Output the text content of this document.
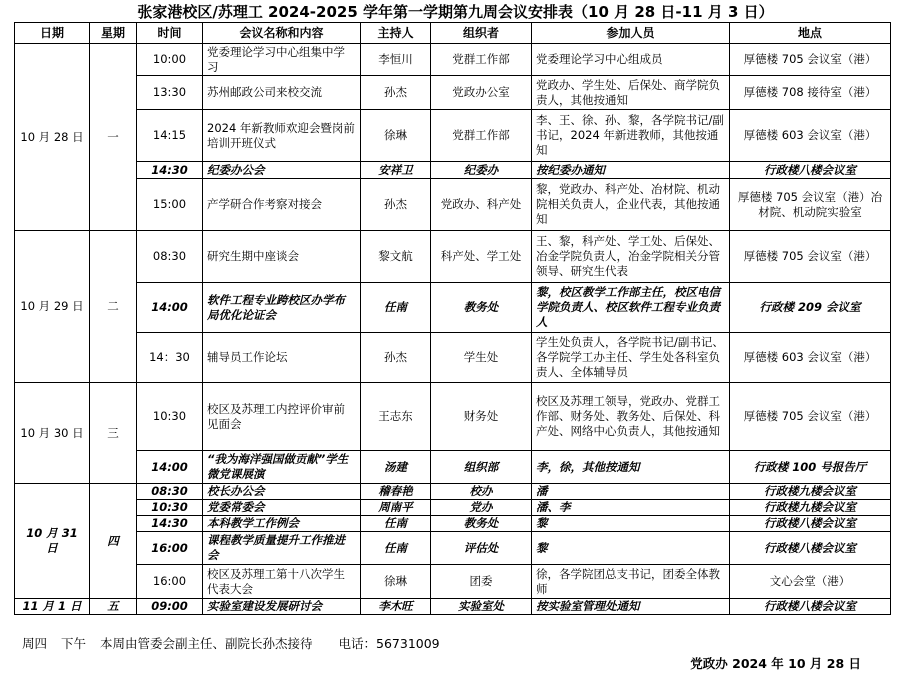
张家港校区/苏理工 2024-2025 学年第一学期第九周会议安排表（10 月 28 日-11 月 3 日）
日期	星期	时间	会议名称和内容	主持人	组织者	参加人员	地点
10 月 28 日	一	10:00	党委理论学习中心组集中学习	李恒川	党群工作部	党委理论学习中心组成员	厚德楼 705 会议室（港）
		13:30	苏州邮政公司来校交流	孙杰	党政办公室	党政办、学生处、后保处、商学院负责人，其他按通知	厚德楼 708 接待室（港）
		14:15	2024 年新教师欢迎会暨岗前培训开班仪式	徐琳	党群工作部	李、王、徐、孙、黎，各学院书记/副书记，2024 年新进教师，其他按通知	厚德楼 603 会议室（港）
		14:30	纪委办公会	安祥卫	纪委办	按纪委办通知	行政楼八楼会议室
		15:00	产学研合作考察对接会	孙杰	党政办、科产处	黎，党政办、科产处、冶材院、机动院相关负责人，企业代表，其他按通知	厚德楼 705 会议室（港）冶材院、机动院实验室
10 月 29 日	二	08:30	研究生期中座谈会	黎文航	科产处、学工处	王、黎，科产处、学工处、后保处、冶金学院负责人，冶金学院相关分管领导、研究生代表	厚德楼 705 会议室（港）
		14:00	软件工程专业跨校区办学布局优化论证会	任南	教务处	黎，校区教学工作部主任，校区电信学院负责人、校区软件工程专业负责人	行政楼 209 会议室
		14：30	辅导员工作论坛	孙杰	学生处	学生处负责人，各学院书记/副书记、各学院学工办主任、学生处各科室负责人、全体辅导员	厚德楼 603 会议室（港）
10 月 30 日	三	10:30	校区及苏理工内控评价审前见面会	王志东	财务处	校区及苏理工领导，党政办、党群工作部、财务处、教务处、后保处、科产处、网络中心负责人，其他按通知	厚德楼 705 会议室（港）
		14:00	“我为海洋强国做贡献”学生微党课展演	汤建	组织部	李，徐，其他按通知	行政楼 100 号报告厅
10 月 31 日	四	08:30	校长办公会	稽春艳	校办	潘	行政楼九楼会议室
		10:30	党委常委会	周南平	党办	潘、李	行政楼九楼会议室
		14:30	本科教学工作例会	任南	教务处	黎	行政楼八楼会议室
		16:00	课程教学质量提升工作推进会	任南	评估处	黎	行政楼八楼会议室
		16:00	校区及苏理工第十八次学生代表大会	徐琳	团委	徐，各学院团总支书记，团委全体教师	文心会堂（港）
11 月 1 日	五	09:00	实验室建设发展研讨会	李木旺	实验室处	按实验室管理处通知	行政楼八楼会议室
周四 下午 本周由管委会副主任、副院长孙杰接待 电话：56731009
党政办 2024 年 10 月 28 日
